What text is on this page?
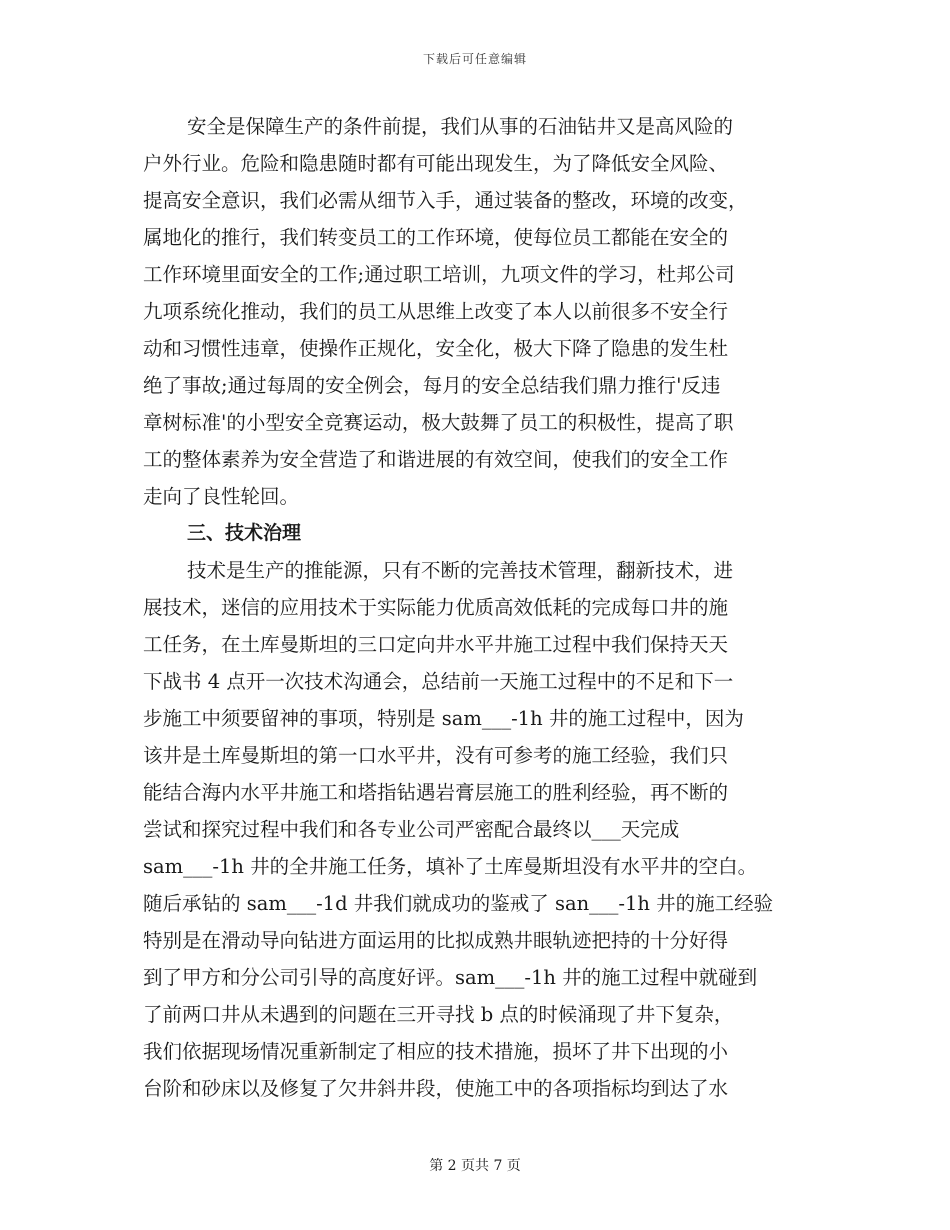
下载后可任意编辑
安全是保障生产的条件前提，我们从事的石油钻井又是高风险的
户外行业。危险和隐患随时都有可能出现发生，为了降低安全风险、
提高安全意识，我们必需从细节入手，通过装备的整改，环境的改变，
属地化的推行，我们转变员工的工作环境，使每位员工都能在安全的
工作环境里面安全的工作;通过职工培训，九项文件的学习，杜邦公司
九项系统化推动，我们的员工从思维上改变了本人以前很多不安全行
动和习惯性违章，使操作正规化，安全化，极大下降了隐患的发生杜
绝了事故;通过每周的安全例会，每月的安全总结我们鼎力推行'反违
章树标准'的小型安全竞赛运动，极大鼓舞了员工的积极性，提高了职
工的整体素养为安全营造了和谐进展的有效空间，使我们的安全工作
走向了良性轮回。
三、技术治理
技术是生产的推能源，只有不断的完善技术管理，翻新技术，进
展技术，迷信的应用技术于实际能力优质高效低耗的完成每口井的施
工任务，在土库曼斯坦的三口定向井水平井施工过程中我们保持天天
下战书 4 点开一次技术沟通会，总结前一天施工过程中的不足和下一
步施工中须要留神的事项，特别是 sam___-1h 井的施工过程中，因为
该井是土库曼斯坦的第一口水平井，没有可参考的施工经验，我们只
能结合海内水平井施工和塔指钻遇岩膏层施工的胜利经验，再不断的
尝试和探究过程中我们和各专业公司严密配合最终以___天完成
sam___-1h 井的全井施工任务，填补了土库曼斯坦没有水平井的空白。
随后承钻的 sam___-1d 井我们就成功的鉴戒了 san___-1h 井的施工经验
特别是在滑动导向钻进方面运用的比拟成熟井眼轨迹把持的十分好得
到了甲方和分公司引导的高度好评。sam___-1h 井的施工过程中就碰到
了前两口井从未遇到的问题在三开寻找 b 点的时候涌现了井下复杂，
我们依据现场情况重新制定了相应的技术措施，损坏了井下出现的小
台阶和砂床以及修复了欠井斜井段，使施工中的各项指标均到达了水
第 2 页共 7 页
